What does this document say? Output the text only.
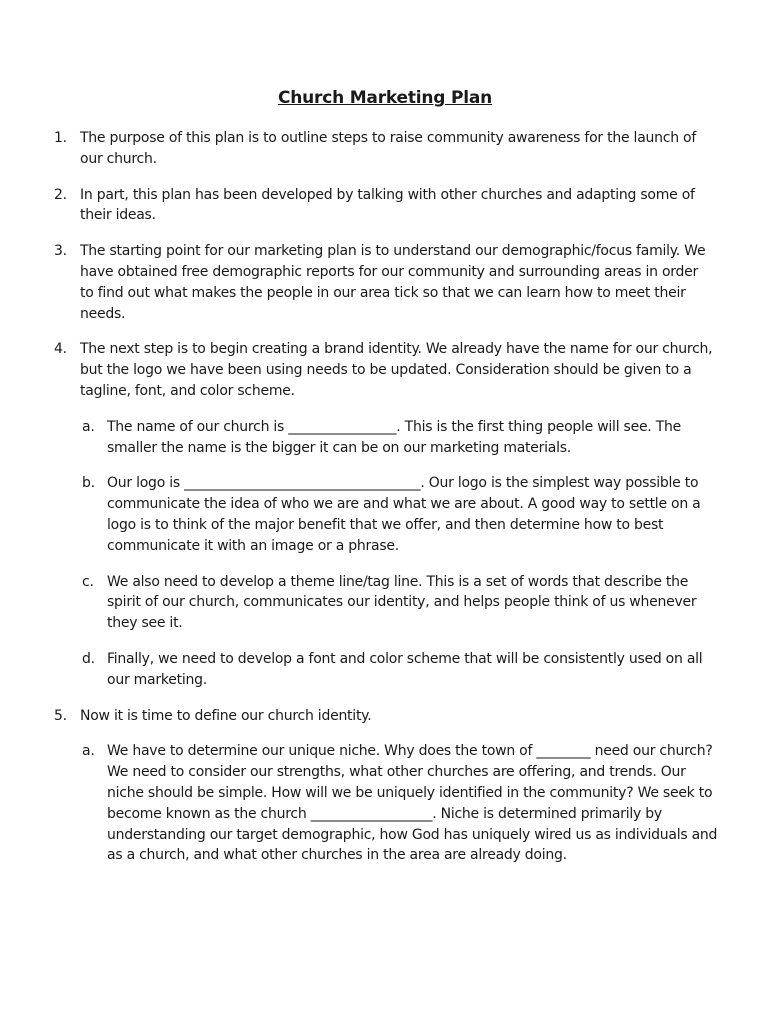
Church Marketing Plan
1. The purpose of this plan is to outline steps to raise community awareness for the launch of our church.
2. In part, this plan has been developed by talking with other churches and adapting some of their ideas.
3. The starting point for our marketing plan is to understand our demographic/focus family. We have obtained free demographic reports for our community and surrounding areas in order to find out what makes the people in our area tick so that we can learn how to meet their needs.
4. The next step is to begin creating a brand identity. We already have the name for our church, but the logo we have been using needs to be updated. Consideration should be given to a tagline, font, and color scheme.
a. The name of our church is ________________. This is the first thing people will see. The smaller the name is the bigger it can be on our marketing materials.
b. Our logo is ___________________________________. Our logo is the simplest way possible to communicate the idea of who we are and what we are about. A good way to settle on a logo is to think of the major benefit that we offer, and then determine how to best communicate it with an image or a phrase.
c. We also need to develop a theme line/tag line. This is a set of words that describe the spirit of our church, communicates our identity, and helps people think of us whenever they see it.
d. Finally, we need to develop a font and color scheme that will be consistently used on all our marketing.
5. Now it is time to define our church identity.
a. We have to determine our unique niche. Why does the town of ________ need our church? We need to consider our strengths, what other churches are offering, and trends. Our niche should be simple. How will we be uniquely identified in the community? We seek to become known as the church __________________. Niche is determined primarily by understanding our target demographic, how God has uniquely wired us as individuals and as a church, and what other churches in the area are already doing.
